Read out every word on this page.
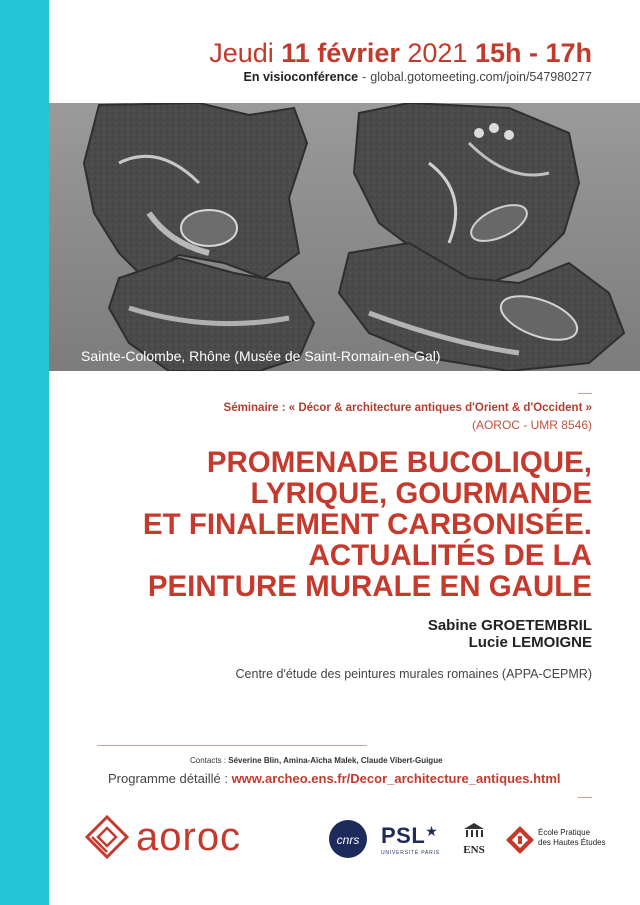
Jeudi 11 février 2021 15h - 17h
En visioconférence - global.gotomeeting.com/join/547980277
Sainte-Colombe, Rhône (Musée de Saint-Romain-en-Gal)
Séminaire : « Décor & architecture antiques d'Orient & d'Occident »
(AOROC - UMR 8546)
PROMENADE BUCOLIQUE,
LYRIQUE, GOURMANDE
ET FINALEMENT CARBONISÉE.
ACTUALITÉS DE LA
PEINTURE MURALE EN GAULE
Sabine GROETEMBRIL
Lucie LEMOIGNE
Centre d'étude des peintures murales romaines (APPA-CEPMR)
Contacts : Séverine Blin, Amina-Aïcha Malek, Claude Vibert-Guigue
Programme détaillé : www.archeo.ens.fr/Decor_architecture_antiques.html
aoroc	cnrs PSL★
UNIVERSITÉ PARIS ENS
École Pratique
des Hautes Études
